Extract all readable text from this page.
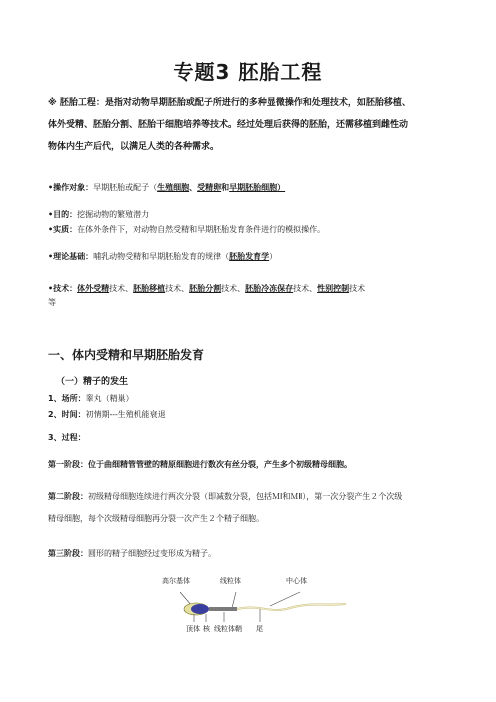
专题3 胚胎工程
※ 胚胎工程：是指对动物早期胚胎或配子所进行的多种显微操作和处理技术，如胚胎移植、
体外受精、胚胎分割、胚胎干细胞培养等技术。经过处理后获得的胚胎，还需移植到雌性动
物体内生产后代，以满足人类的各种需求。
•操作对象：早期胚胎或配子（生殖细胞、受精卵和早期胚胎细胞）
•目的：挖掘动物的繁殖潜力
•实质：在体外条件下，对动物自然受精和早期胚胎发育条件进行的模拟操作。
•理论基础：哺乳动物受精和早期胚胎发育的规律（胚胎发育学）
•技术：体外受精技术、胚胎移植技术、胚胎分割技术、胚胎冷冻保存技术、性别控制技术
等
一、体内受精和早期胚胎发育
（一）精子的发生
1、场所：睾丸（精巢）
2、时间：初情期---生殖机能衰退
3、过程：
第一阶段：位于曲细精管管壁的精原细胞进行数次有丝分裂，产生多个初级精母细胞。
第二阶段：初级精母细胞连续进行两次分裂（即减数分裂，包括ＭⅠ和ＭⅡ），第一次分裂产生２个次级
精母细胞，每个次级精母细胞再分裂一次产生２个精子细胞。
第三阶段：圆形的精子细胞经过变形成为精子。
高尔基体	线粒体	中心体
顶体 核 线粒体鞘 尾
